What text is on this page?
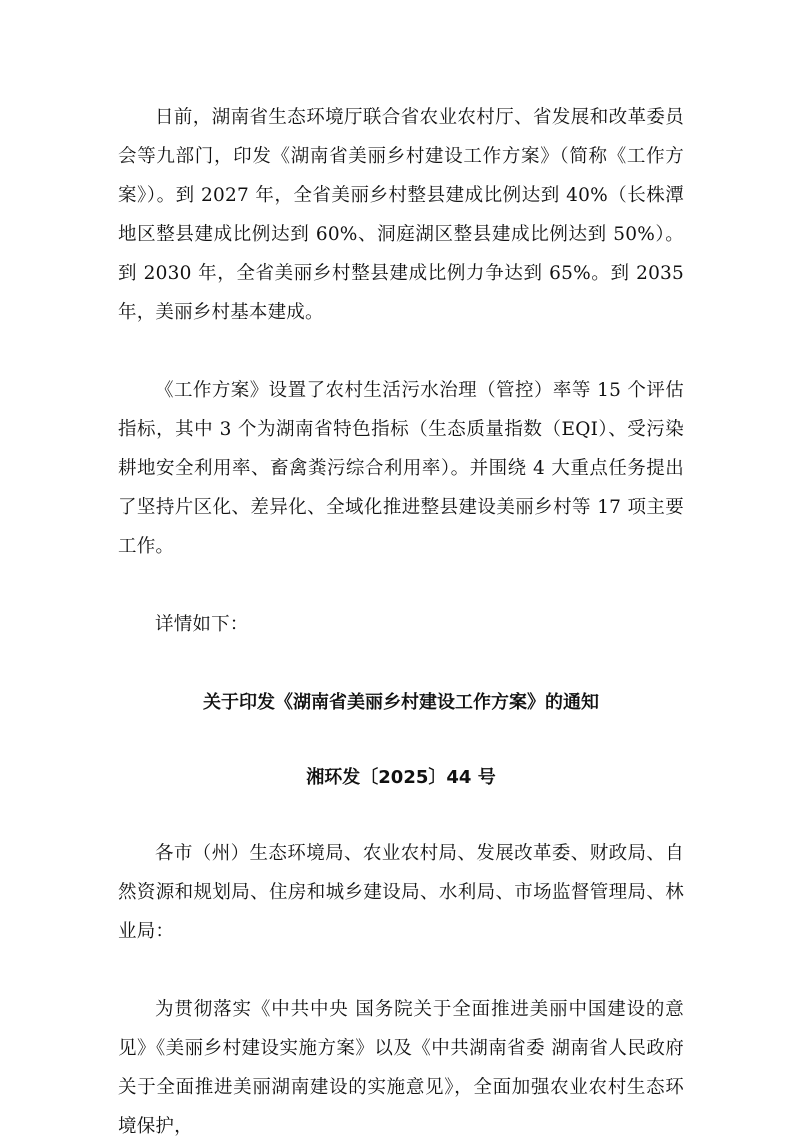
日前，湖南省生态环境厅联合省农业农村厅、省发展和改革委员会等九部门，印发《湖南省美丽乡村建设工作方案》（简称《工作方案》）。到 2027 年，全省美丽乡村整县建成比例达到 40%（长株潭地区整县建成比例达到 60%、洞庭湖区整县建成比例达到 50%）。到 2030 年，全省美丽乡村整县建成比例力争达到 65%。到 2035 年，美丽乡村基本建成。

《工作方案》设置了农村生活污水治理（管控）率等 15 个评估指标，其中 3 个为湖南省特色指标（生态质量指数（EQI）、受污染耕地安全利用率、畜禽粪污综合利用率）。并围绕 4 大重点任务提出了坚持片区化、差异化、全域化推进整县建设美丽乡村等 17 项主要工作。

详情如下：

关于印发《湖南省美丽乡村建设工作方案》的通知

湘环发〔2025〕44 号

各市（州）生态环境局、农业农村局、发展改革委、财政局、自然资源和规划局、住房和城乡建设局、水利局、市场监督管理局、林业局：

为贯彻落实《中共中央 国务院关于全面推进美丽中国建设的意见》《美丽乡村建设实施方案》以及《中共湖南省委 湖南省人民政府 关于全面推进美丽湖南建设的实施意见》，全面加强农业农村生态环境保护，
